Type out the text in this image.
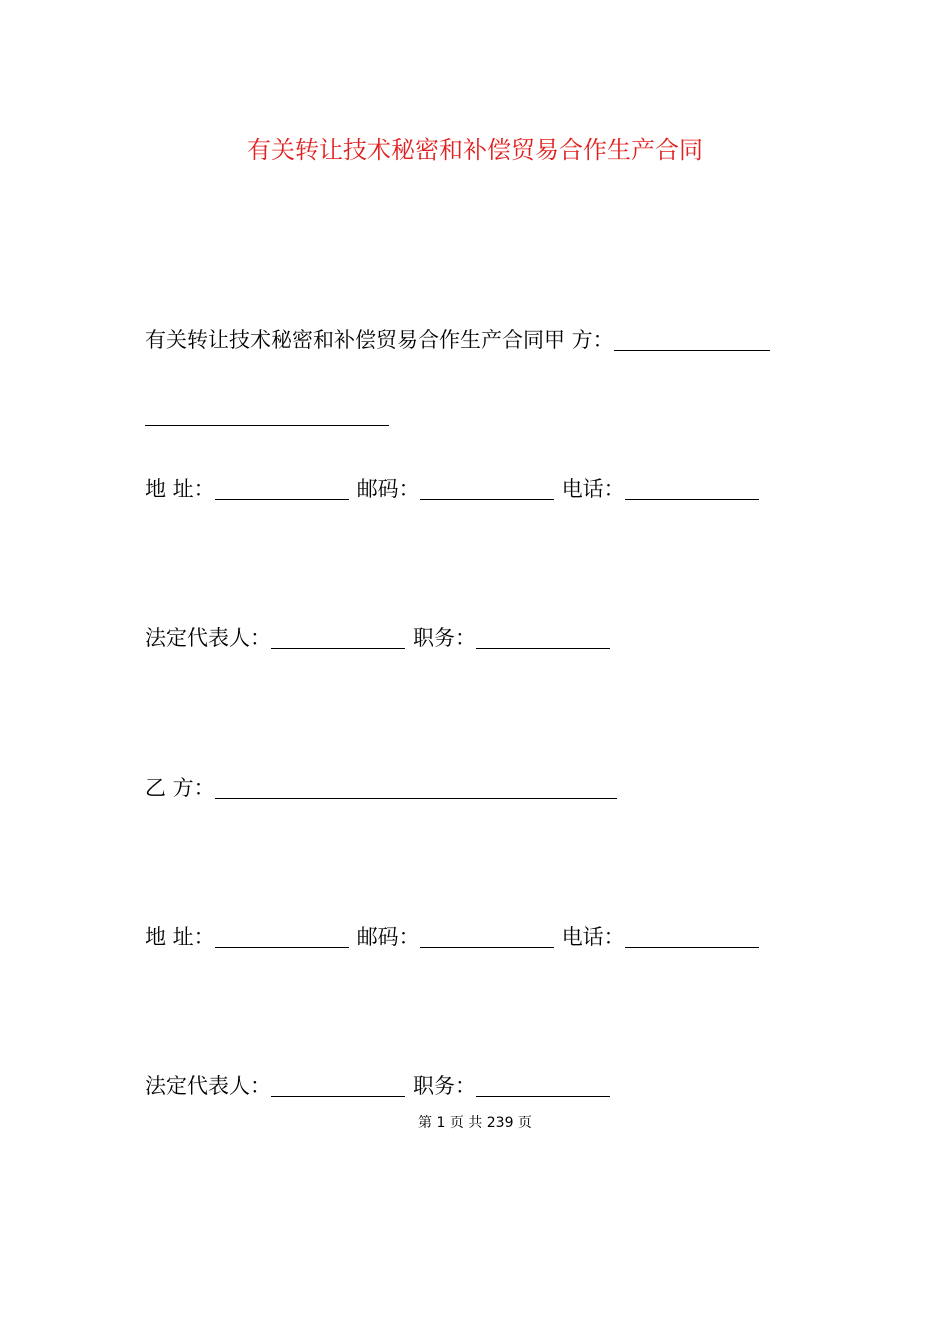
有关转让技术秘密和补偿贸易合作生产合同
有关转让技术秘密和补偿贸易合作生产合同甲 方：
地 址：	邮码：	电话：
法定代表人：	职务：
乙 方：
地 址：	邮码：	电话：
法定代表人：	职务：
第 1 页 共 239 页
